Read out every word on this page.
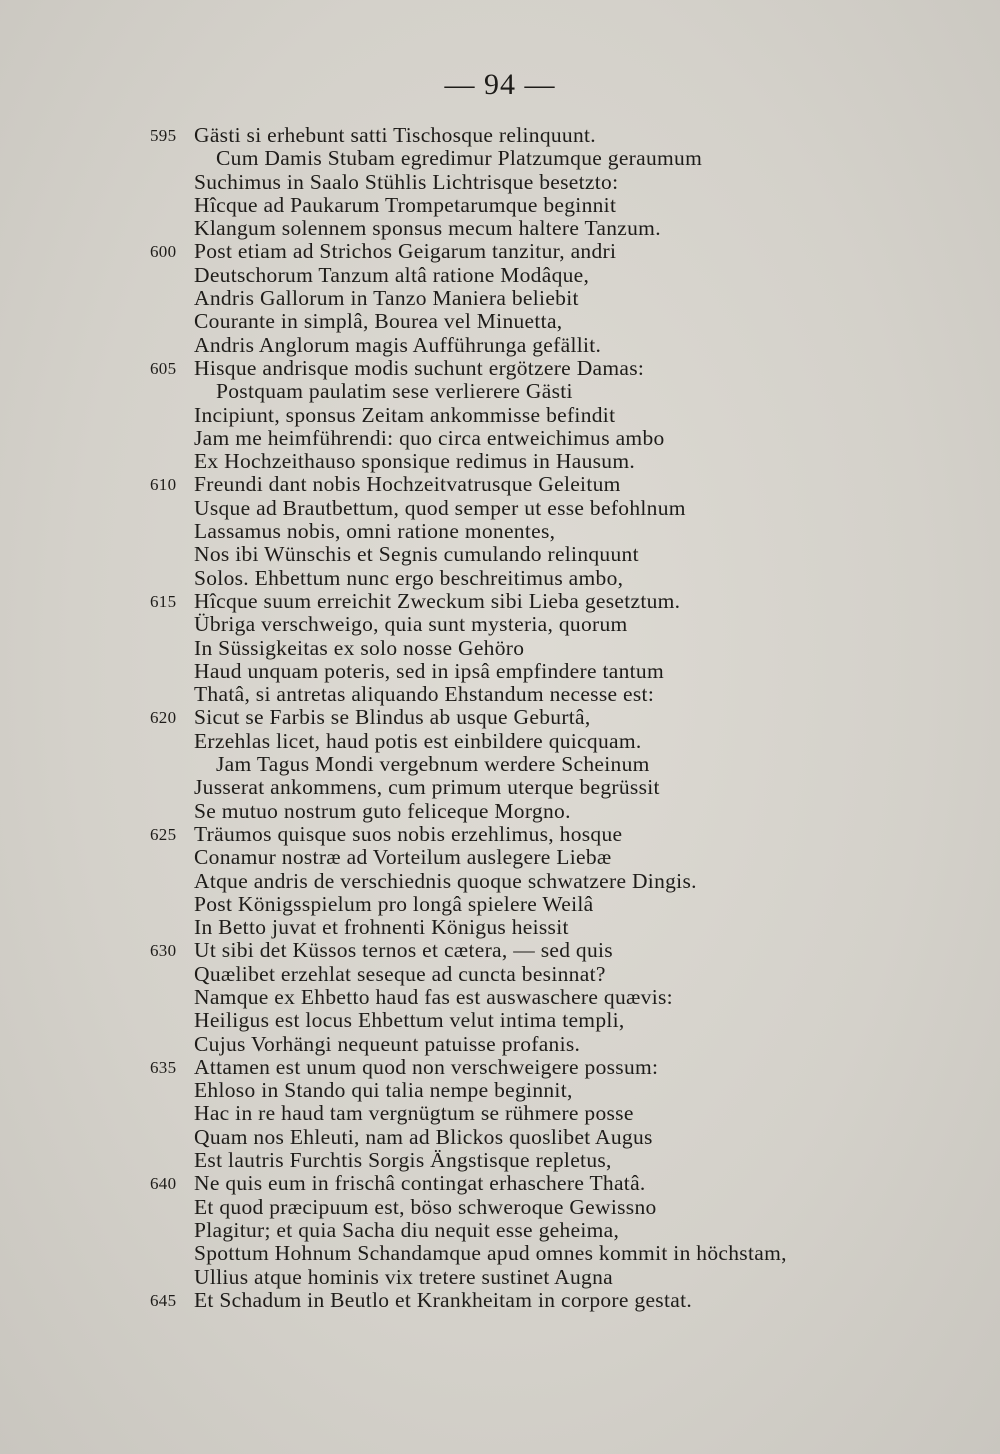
— 94 —
595 Gästi si erhebunt satti Tischosque relinquunt.
Cum Damis Stubam egredimur Platzumque geraumum
Suchimus in Saalo Stühlis Lichtrisque besetzto:
Hîcque ad Paukarum Trompetarumque beginnit
Klangum solennem sponsus mecum haltere Tanzum.
600 Post etiam ad Strichos Geigarum tanzitur, andri
Deutschorum Tanzum altâ ratione Modâque,
Andris Gallorum in Tanzo Maniera beliebit
Courante in simplâ, Bourea vel Minuetta,
Andris Anglorum magis Aufführunga gefällit.
605 Hisque andrisque modis suchunt ergötzere Damas:
Postquam paulatim sese verlierere Gästi
Incipiunt, sponsus Zeitam ankommisse befindit
Jam me heimführendi: quo circa entweichimus ambo
Ex Hochzeithauso sponsique redimus in Hausum.
610 Freundi dant nobis Hochzeitvatrusque Geleitum
Usque ad Brautbettum, quod semper ut esse befohlnum
Lassamus nobis, omni ratione monentes,
Nos ibi Wünschis et Segnis cumulando relinquunt
Solos. Ehbettum nunc ergo beschreitimus ambo,
615 Hîcque suum erreichit Zweckum sibi Lieba gesetztum.
Übriga verschweigo, quia sunt mysteria, quorum
In Süssigkeitas ex solo nosse Gehöro
Haud unquam poteris, sed in ipsâ empfindere tantum
Thatâ, si antretas aliquando Ehstandum necesse est:
620 Sicut se Farbis se Blindus ab usque Geburtâ,
Erzehlas licet, haud potis est einbildere quicquam.
Jam Tagus Mondi vergebnum werdere Scheinum
Jusserat ankommens, cum primum uterque begrüssit
Se mutuo nostrum guto feliceque Morgno.
625 Träumos quisque suos nobis erzehlimus, hosque
Conamur nostræ ad Vorteilum auslegere Liebæ
Atque andris de verschiednis quoque schwatzere Dingis.
Post Königsspielum pro longâ spielere Weilâ
In Betto juvat et frohnenti Königus heissit
630 Ut sibi det Küssos ternos et cætera, — sed quis
Quælibet erzehlat seseque ad cuncta besinnat?
Namque ex Ehbetto haud fas est auswaschere quævis:
Heiligus est locus Ehbettum velut intima templi,
Cujus Vorhängi nequeunt patuisse profanis.
635 Attamen est unum quod non verschweigere possum:
Ehloso in Stando qui talia nempe beginnit,
Hac in re haud tam vergnügtum se rühmere posse
Quam nos Ehleuti, nam ad Blickos quoslibet Augus
Est lautris Furchtis Sorgis Ängstisque repletus,
640 Ne quis eum in frischâ contingat erhaschere Thatâ.
Et quod præcipuum est, böso schweroque Gewissno
Plagitur; et quia Sacha diu nequit esse geheima,
Spottum Hohnum Schandamque apud omnes kommit in höchstam,
Ullius atque hominis vix tretere sustinet Augna
645 Et Schadum in Beutlo et Krankheitam in corpore gestat.
